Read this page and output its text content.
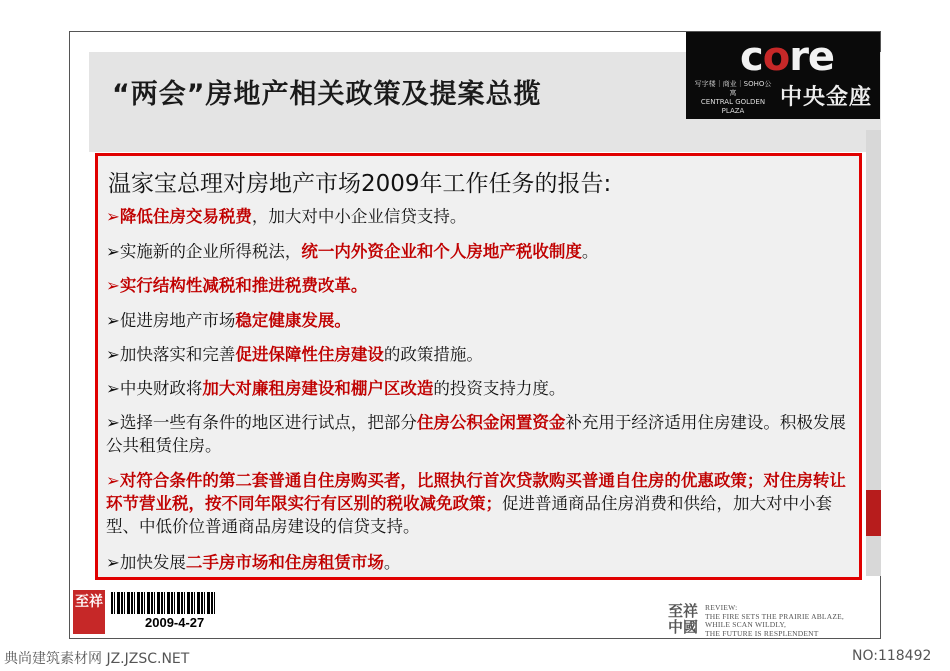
“两会”房地产相关政策及提案总揽
core
写字楼｜商业｜SOHO公寓
CENTRAL GOLDEN
PLAZA
中央金座
温家宝总理对房地产市场2009年工作任务的报告:
➢降低住房交易税费，加大对中小企业信贷支持。
➢实施新的企业所得税法，统一内外资企业和个人房地产税收制度。
➢实行结构性减税和推进税费改革。
➢促进房地产市场稳定健康发展。
➢加快落实和完善促进保障性住房建设的政策措施。
➢中央财政将加大对廉租房建设和棚户区改造的投资支持力度。
➢选择一些有条件的地区进行试点，把部分住房公积金闲置资金补充用于经济适用住房建设。积极发展公共租赁住房。
➢对符合条件的第二套普通自住房购买者，比照执行首次贷款购买普通自住房的优惠政策；对住房转让环节营业税，按不同年限实行有区别的税收减免政策；促进普通商品住房消费和供给，加大对中小套型、中低价位普通商品房建设的信贷支持。
➢加快发展二手房市场和住房租赁市场。
至祥
2009-4-27
至祥中國
REVIEW:
THE FIRE SETS THE PRAIRIE ABLAZE,
WHILE SCAN WILDLY,
THE FUTURE IS RESPLENDENT
典尚建筑素材网 JZ.JZSC.NET	NO:118492
